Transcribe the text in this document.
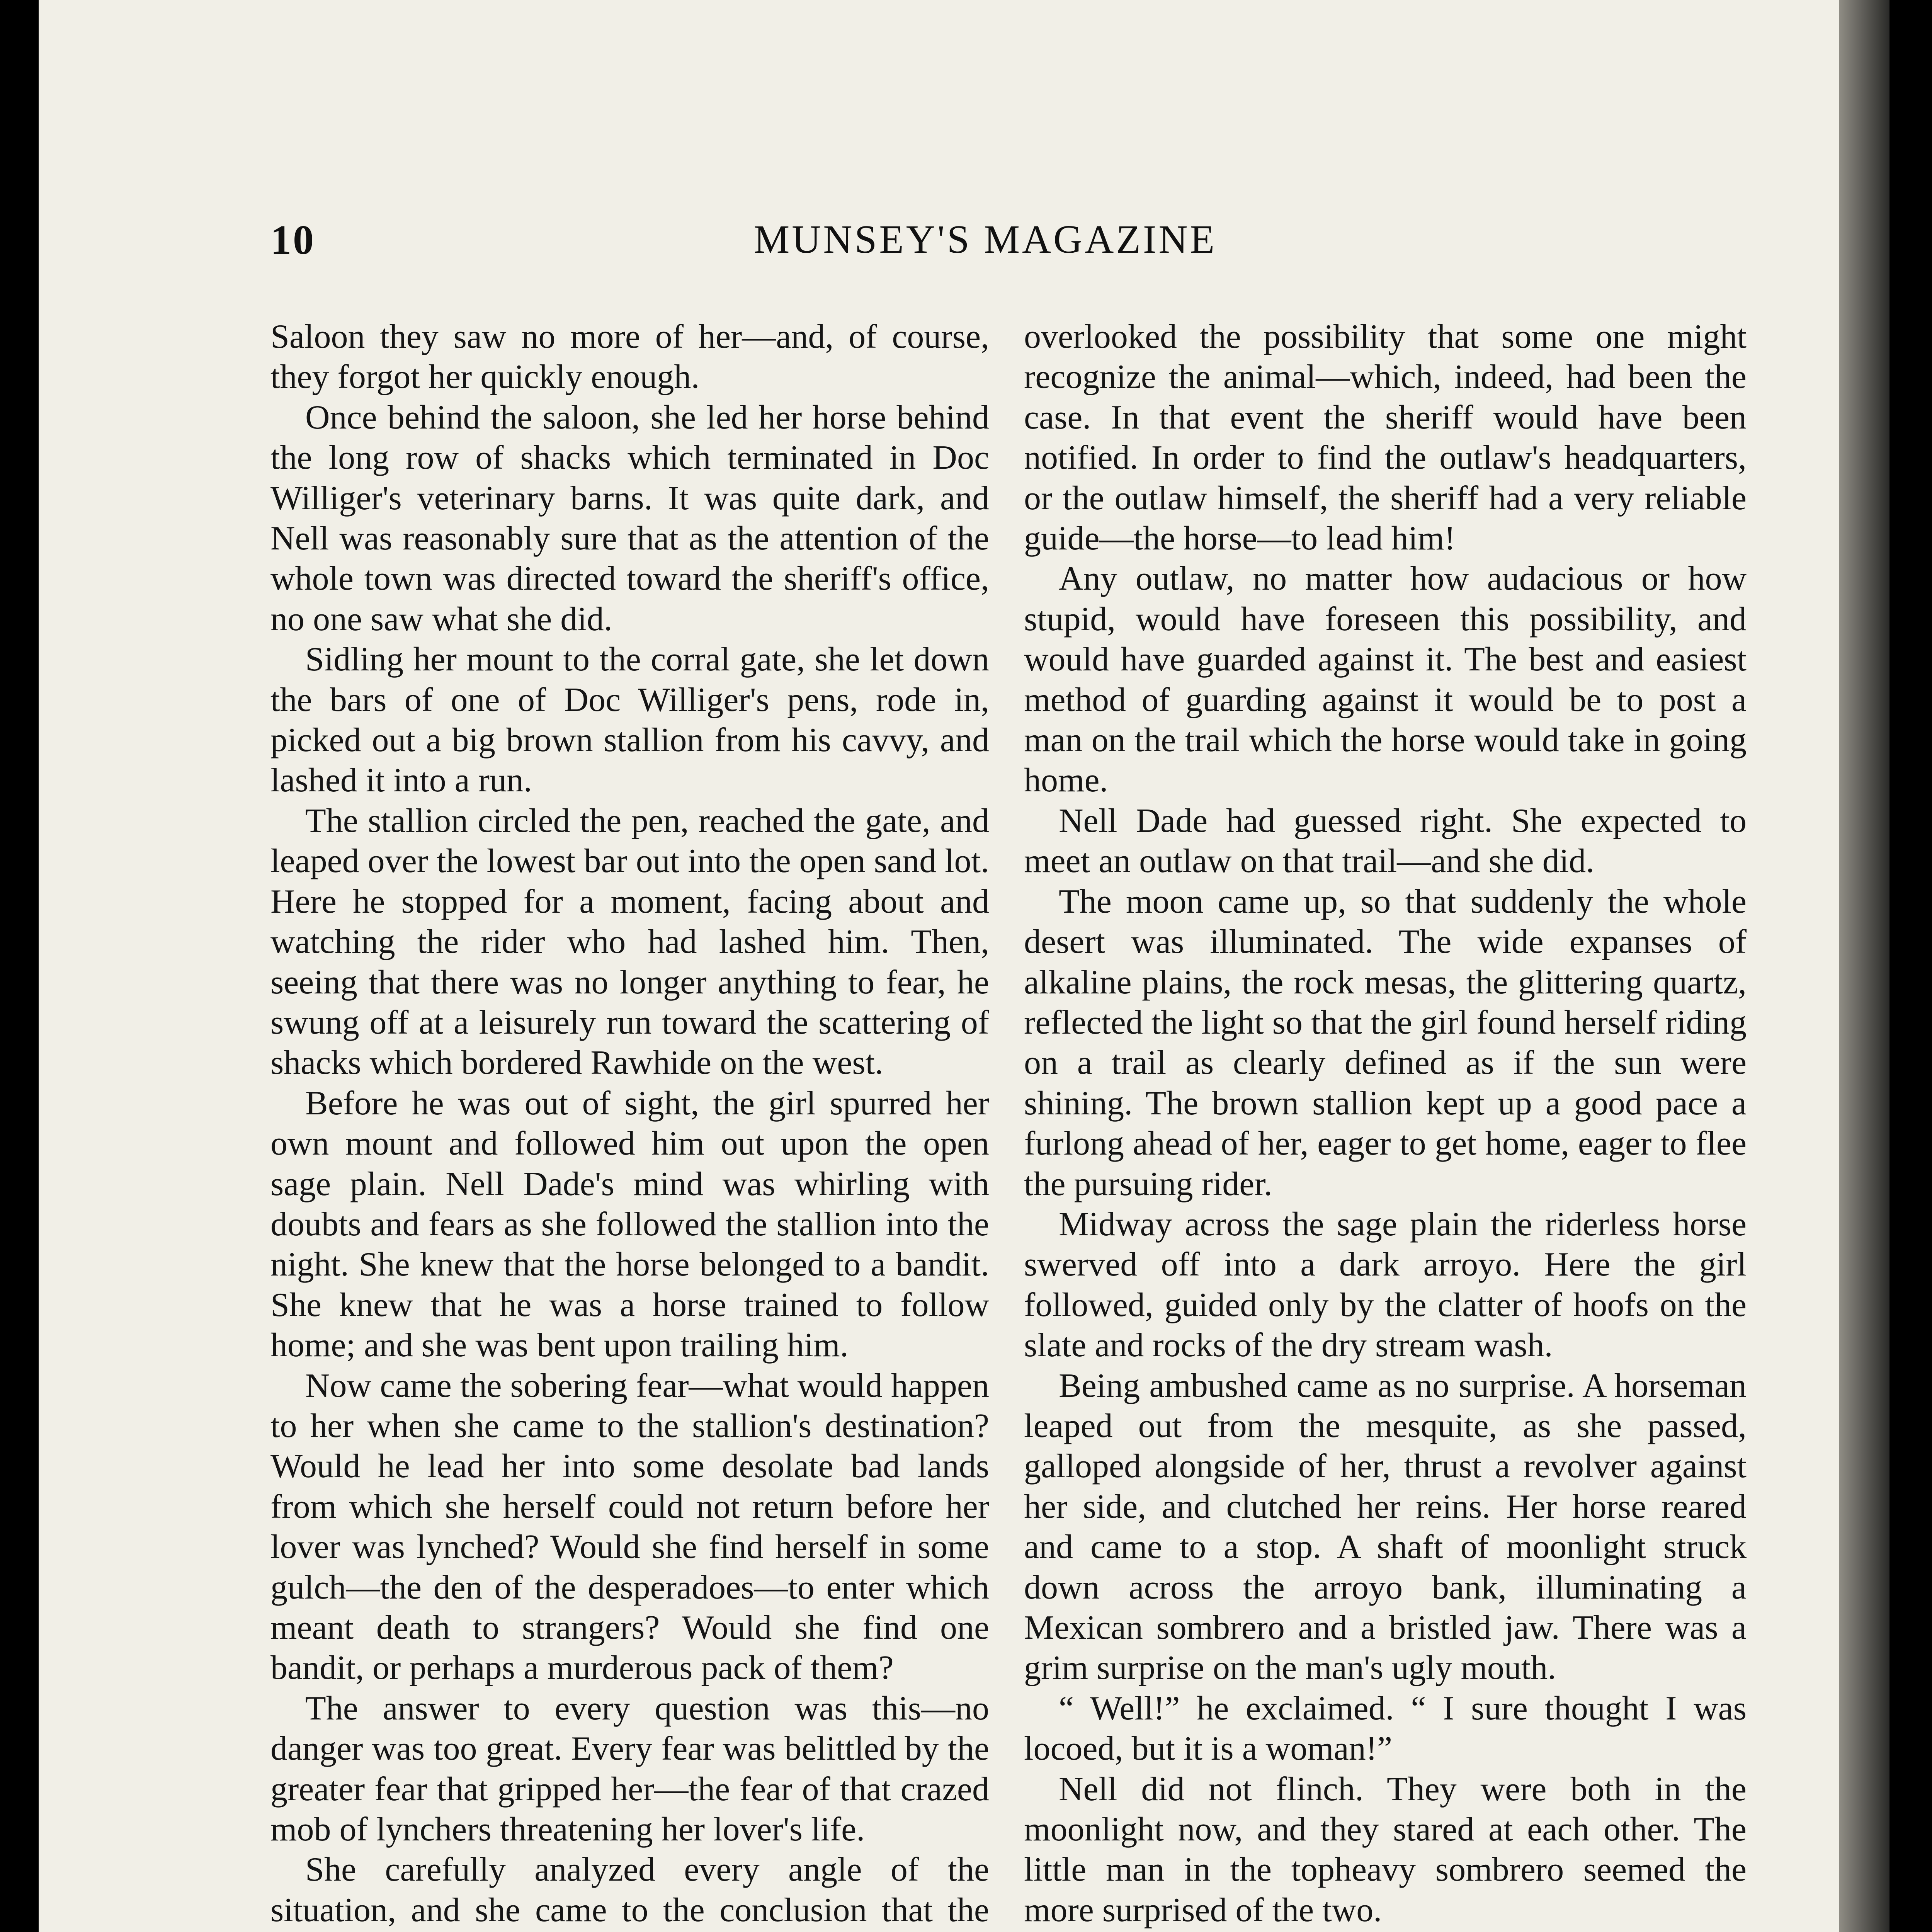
10	MUNSEY'S MAGAZINE

Saloon they saw no more of her—and, of course, they forgot her quickly enough.

Once behind the saloon, she led her horse behind the long row of shacks which terminated in Doc Williger's veterinary barns. It was quite dark, and Nell was reasonably sure that as the attention of the whole town was directed toward the sheriff's office, no one saw what she did.

Sidling her mount to the corral gate, she let down the bars of one of Doc Williger's pens, rode in, picked out a big brown stallion from his cavvy, and lashed it into a run.

The stallion circled the pen, reached the gate, and leaped over the lowest bar out into the open sand lot. Here he stopped for a moment, facing about and watching the rider who had lashed him. Then, seeing that there was no longer anything to fear, he swung off at a leisurely run toward the scattering of shacks which bordered Rawhide on the west.

Before he was out of sight, the girl spurred her own mount and followed him out upon the open sage plain. Nell Dade's mind was whirling with doubts and fears as she followed the stallion into the night. She knew that the horse belonged to a bandit. She knew that he was a horse trained to follow home; and she was bent upon trailing him.

Now came the sobering fear—what would happen to her when she came to the stallion's destination? Would he lead her into some desolate bad lands from which she herself could not return before her lover was lynched? Would she find herself in some gulch—the den of the desperadoes—to enter which meant death to strangers? Would she find one bandit, or perhaps a murderous pack of them?

The answer to every question was this—no danger was too great. Every fear was belittled by the greater fear that gripped her—the fear of that crazed mob of lynchers threatening her lover's life.

She carefully analyzed every angle of the situation, and she came to the conclusion that the

overlooked the possibility that some one might recognize the animal—which, indeed, had been the case. In that event the sheriff would have been notified. In order to find the outlaw's headquarters, or the outlaw himself, the sheriff had a very reliable guide—the horse—to lead him!

Any outlaw, no matter how audacious or how stupid, would have foreseen this possibility, and would have guarded against it. The best and easiest method of guarding against it would be to post a man on the trail which the horse would take in going home.

Nell Dade had guessed right. She expected to meet an outlaw on that trail—and she did.

The moon came up, so that suddenly the whole desert was illuminated. The wide expanses of alkaline plains, the rock mesas, the glittering quartz, reflected the light so that the girl found herself riding on a trail as clearly defined as if the sun were shining. The brown stallion kept up a good pace a furlong ahead of her, eager to get home, eager to flee the pursuing rider.

Midway across the sage plain the riderless horse swerved off into a dark arroyo. Here the girl followed, guided only by the clatter of hoofs on the slate and rocks of the dry stream wash.

Being ambushed came as no surprise. A horseman leaped out from the mesquite, as she passed, galloped alongside of her, thrust a revolver against her side, and clutched her reins. Her horse reared and came to a stop. A shaft of moonlight struck down across the arroyo bank, illuminating a Mexican sombrero and a bristled jaw. There was a grim surprise on the man's ugly mouth.

“ Well!” he exclaimed. “ I sure thought I was locoed, but it is a woman!”

Nell did not flinch. They were both in the moonlight now, and they stared at each other. The little man in the topheavy sombrero seemed the more surprised of the two.
